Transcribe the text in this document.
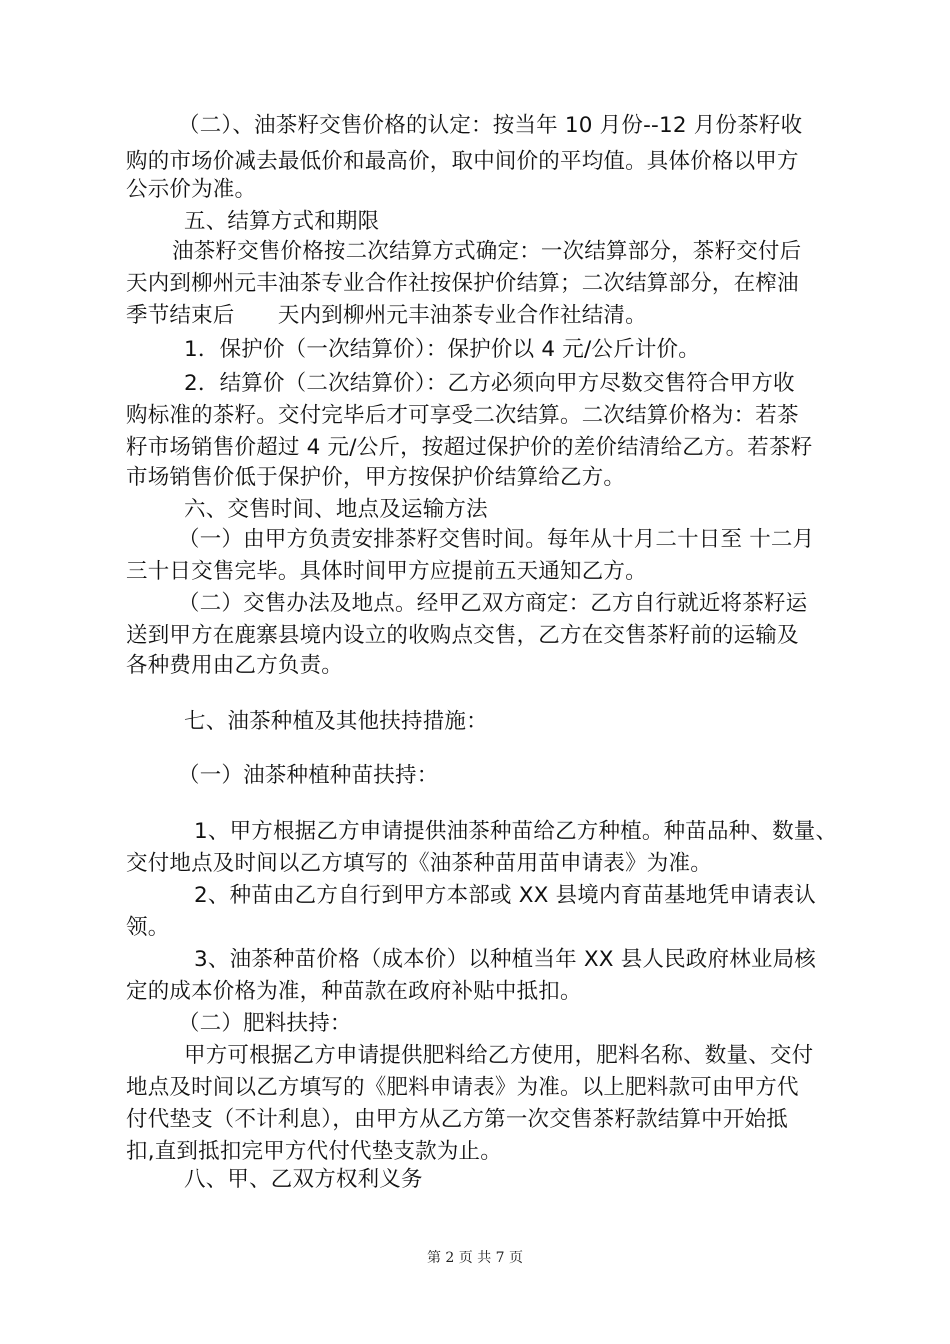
（二）、油茶籽交售价格的认定：按当年 10 月份--12 月份茶籽收
购的市场价减去最低价和最高价，取中间价的平均值。具体价格以甲方
公示价为准。
五、结算方式和期限
油茶籽交售价格按二次结算方式确定：一次结算部分，茶籽交付后
天内到柳州元丰油茶专业合作社按保护价结算；二次结算部分，在榨油
季节结束后　　天内到柳州元丰油茶专业合作社结清。
1．保护价（一次结算价）：保护价以 4 元/公斤计价。
2．结算价（二次结算价）：乙方必须向甲方尽数交售符合甲方收
购标准的茶籽。交付完毕后才可享受二次结算。二次结算价格为：若茶
籽市场销售价超过 4 元/公斤，按超过保护价的差价结清给乙方。若茶籽
市场销售价低于保护价，甲方按保护价结算给乙方。
六、交售时间、地点及运输方法
（一）由甲方负责安排茶籽交售时间。每年从十月二十日至 十二月
三十日交售完毕。具体时间甲方应提前五天通知乙方。
（二）交售办法及地点。经甲乙双方商定：乙方自行就近将茶籽运
送到甲方在鹿寨县境内设立的收购点交售，乙方在交售茶籽前的运输及
各种费用由乙方负责。
七、油茶种植及其他扶持措施：
（一）油茶种植种苗扶持：
1、甲方根据乙方申请提供油茶种苗给乙方种植。种苗品种、数量、
交付地点及时间以乙方填写的《油茶种苗用苗申请表》为准。
2、种苗由乙方自行到甲方本部或 XX 县境内育苗基地凭申请表认
领。
3、油茶种苗价格（成本价）以种植当年 XX 县人民政府林业局核
定的成本价格为准，种苗款在政府补贴中抵扣。
（二）肥料扶持：
甲方可根据乙方申请提供肥料给乙方使用，肥料名称、数量、交付
地点及时间以乙方填写的《肥料申请表》为准。以上肥料款可由甲方代
付代垫支（不计利息），由甲方从乙方第一次交售茶籽款结算中开始抵
扣,直到抵扣完甲方代付代垫支款为止。
八、甲、乙双方权利义务
第 2 页 共 7 页
